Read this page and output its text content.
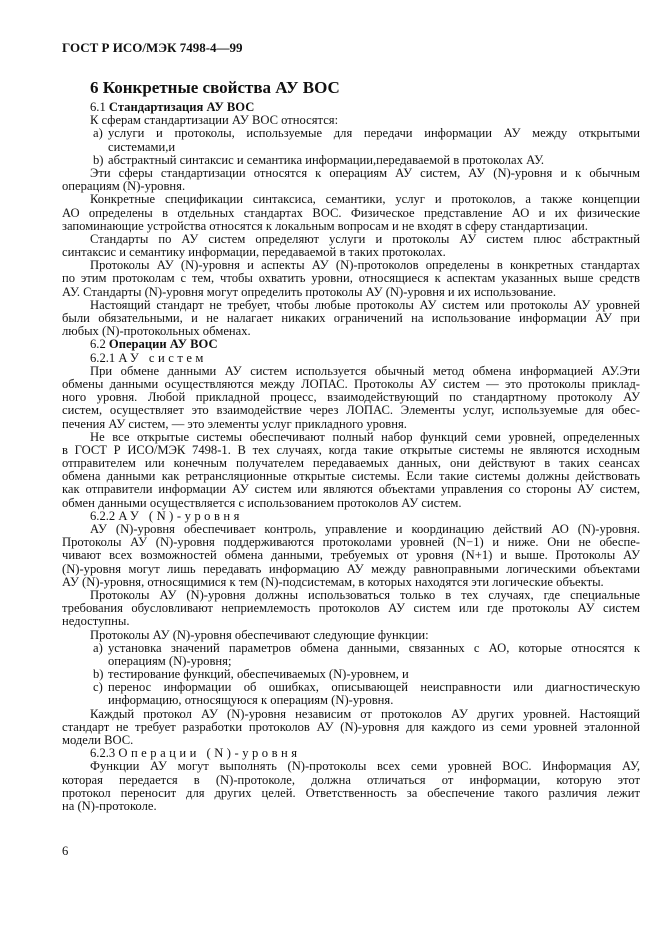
ГОСТ Р ИСО/МЭК 7498-4—99
6 Конкретные свойства АУ ВОС
6.1 Стандартизация АУ ВОС
К сферам стандартизации АУ ВОС относятся:
a) услуги и протоколы, используемые для передачи информации АУ между открытыми
системами,и
b) абстрактный синтаксис и семантика информации,передаваемой в протоколах АУ.
Эти сферы стандартизации относятся к операциям АУ систем, АУ (N)-уровня и к обычным
операциям (N)-уровня.
Конкретные спецификации синтаксиса, семантики, услуг и протоколов, а также концепции
АО определены в отдельных стандартах ВОС. Физическое представление АО и их физические
запоминающие устройства относятся к локальным вопросам и не входят в сферу стандартизации.
Стандарты по АУ систем определяют услуги и протоколы АУ систем плюс абстрактный
синтаксис и семантику информации, передаваемой в таких протоколах.
Протоколы АУ (N)-уровня и аспекты АУ (N)-протоколов определены в конкретных стандартах
по этим протоколам с тем, чтобы охватить уровни, относящиеся к аспектам указанных выше средств
АУ. Стандарты (N)-уровня могут определить протоколы АУ (N)-уровня и их использование.
Настоящий стандарт не требует, чтобы любые протоколы АУ систем или протоколы АУ уровней
были обязательными, и не налагает никаких ограничений на использование информации АУ при
любых (N)-протокольных обменах.
6.2 Операции АУ ВОС
6.2.1 АУ систем
При обмене данными АУ систем используется обычный метод обмена информацией АУ.Эти
обмены данными осуществляются между ЛОПАС. Протоколы АУ систем — это протоколы приклад-
ного уровня. Любой прикладной процесс, взаимодействующий по стандартному протоколу АУ
систем, осуществляет это взаимодействие через ЛОПАС. Элементы услуг, используемые для обес-
печения АУ систем, — это элементы услуг прикладного уровня.
Не все открытые системы обеспечивают полный набор функций семи уровней, определенных
в ГОСТ Р ИСО/МЭК 7498-1. В тех случаях, когда такие открытые системы не являются исходным
отправителем или конечным получателем передаваемых данных, они действуют в таких сеансах
обмена данными как ретрансляционные открытые системы. Если такие системы должны действовать
как отправители информации АУ систем или являются объектами управления со стороны АУ систем,
обмен данными осуществляется с использованием протоколов АУ систем.
6.2.2 АУ (N)-уровня
АУ (N)-уровня обеспечивает контроль, управление и координацию действий АО (N)-уровня.
Протоколы АУ (N)-уровня поддерживаются протоколами уровней (N−1) и ниже. Они не обеспе-
чивают всех возможностей обмена данными, требуемых от уровня (N+1) и выше. Протоколы АУ
(N)-уровня могут лишь передавать информацию АУ между равноправными логическими объектами
АУ (N)-уровня, относящимися к тем (N)-подсистемам, в которых находятся эти логические объекты.
Протоколы АУ (N)-уровня должны использоваться только в тех случаях, где специальные
требования обусловливают неприемлемость протоколов АУ систем или где протоколы АУ систем
недоступны.
Протоколы АУ (N)-уровня обеспечивают следующие функции:
a) установка значений параметров обмена данными, связанных с АО, которые относятся к
операциям (N)-уровня;
b) тестирование функций, обеспечиваемых (N)-уровнем, и
c) перенос информации об ошибках, описывающей неисправности или диагностическую
информацию, относящуюся к операциям (N)-уровня.
Каждый протокол АУ (N)-уровня независим от протоколов АУ других уровней. Настоящий
стандарт не требует разработки протоколов АУ (N)-уровня для каждого из семи уровней эталонной
модели ВОС.
6.2.3 Операции (N)-уровня
Функции АУ могут выполнять (N)-протоколы всех семи уровней ВОС. Информация АУ,
которая передается в (N)-протоколе, должна отличаться от информации, которую этот
протокол переносит для других целей. Ответственность за обеспечение такого различия лежит
на (N)-протоколе.
6
